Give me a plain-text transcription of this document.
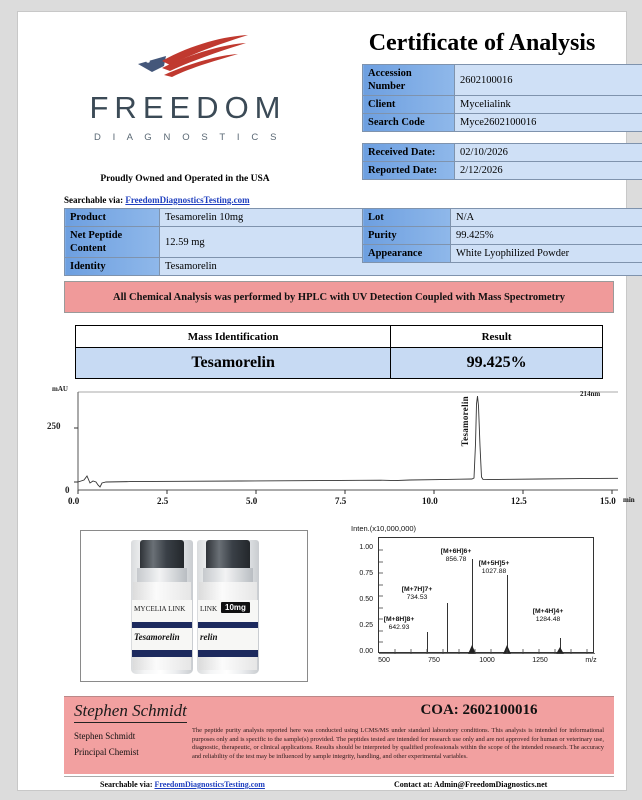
FREEDOM
D I A G N O S T I C S
Certificate of Analysis
Accession Number	2602100016
Client	Mycelialink
Search Code	Myce2602100016
Received Date:	02/10/2026
Reported Date:	2/12/2026
Proudly Owned and Operated in the USA
Searchable via: FreedomDiagnosticsTesting.com
Product	Tesamorelin 10mg
Net Peptide Content	12.59 mg
Identity	Tesamorelin
Lot	N/A
Purity	99.425%
Appearance	White Lyophilized Powder
All Chemical Analysis was performed by HPLC with UV Detection Coupled with Mass Spectrometry
Mass Identification	Result
Tesamorelin	99.425%
mAU
214nm
250
0
Tesamorelin
0.0	2.5	5.0	7.5	10.0	12.5	15.0 min
MYCELIA LINK
Tesamorelin
LINK 10mg
relin
Inten.(x10,000,000)
0.00
0.25
0.50
0.75
1.00
[M+8H]8+
642.93
[M+7H]7+
734.53
[M+6H]6+
856.78
[M+5H]5+
1027.88
[M+4H]4+
1284.48
500	750	1000	1250	m/z
Stephen Schmidt
Stephen Schmidt
Principal Chemist
COA: 2602100016
The peptide purity analysis reported here was conducted using LCMS/MS under standard laboratory conditions. This analysis is intended for informational purposes only and is specific to the sample(s) provided. The peptides tested are intended for research use only and are not approved for human or veterinary use, diagnostic, therapeutic, or clinical applications. Results should be interpreted by qualified professionals within the scope of the intended research. The accuracy and reliability of the test may be influenced by sample integrity, handling, and other experimental variables.
Searchable via: FreedomDiagnosticsTesting.com	Contact at: Admin@FreedomDiagnostics.net
